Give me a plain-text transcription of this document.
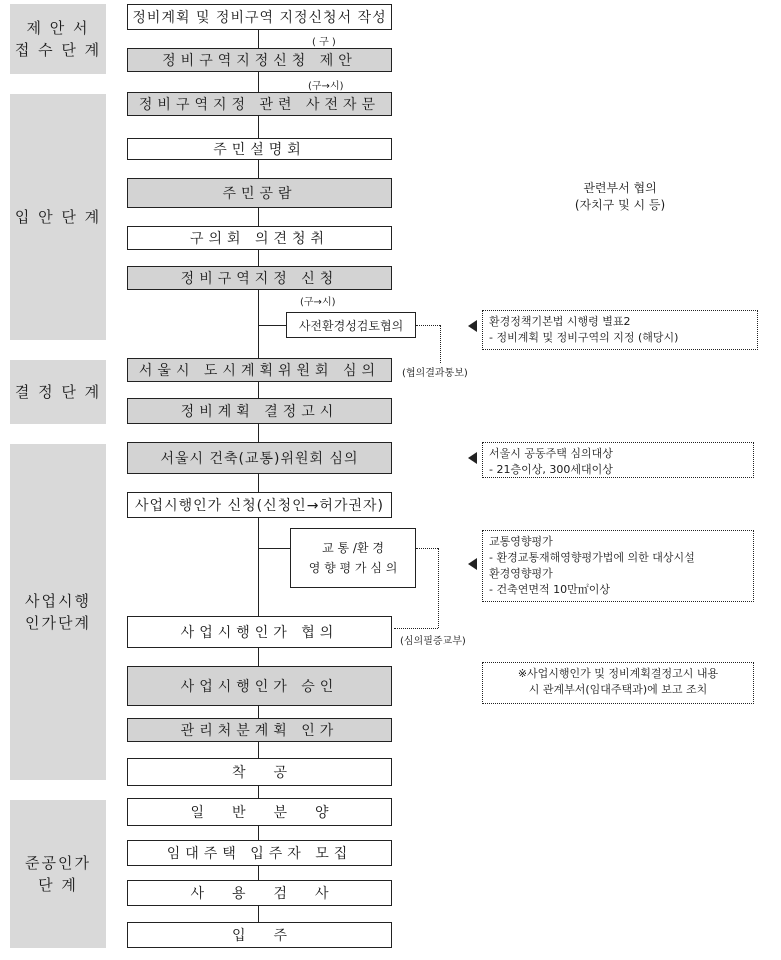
제 안 서
접 수 단 계
입 안 단 계
결 정 단 계
사업시행
인가단계
준공인가
단 계
정비계획 및 정비구역 지정신청서 작성
정비구역지정신청 제안
정비구역지정 관련 사전자문
주민설명회
주민공람
구의회 의견청취
정비구역지정 신청
서울시 도시계획위원회 심의
정비계획 결정고시
서울시 건축(교통)위원회 심의
사업시행인가 신청(신청인→허가권자)
사업시행인가 협의
사업시행인가 승인
관리처분계획 인가
착공
일반분양
임대주택 입주자 모집
사용검사
입주
( 구 )
(구→시)
(구→시)
(협의결과통보)
(심의필증교부)
사전환경성검토협의
교 통 /환 경
영 향 평 가 심 의
관련부서 협의
(자치구 및 시 등)
환경정책기본법 시행령 별표2
- 정비계획 및 정비구역의 지정 (해당시)
서울시 공동주택 심의대상
- 21층이상, 300세대이상
교통영향평가
- 환경교통재해영향평가법에 의한 대상시설
환경영향평가
- 건축연면적 10만㎡이상
※사업시행인가 및 정비계획결정고시 내용
시 관계부서(임대주택과)에 보고 조치
